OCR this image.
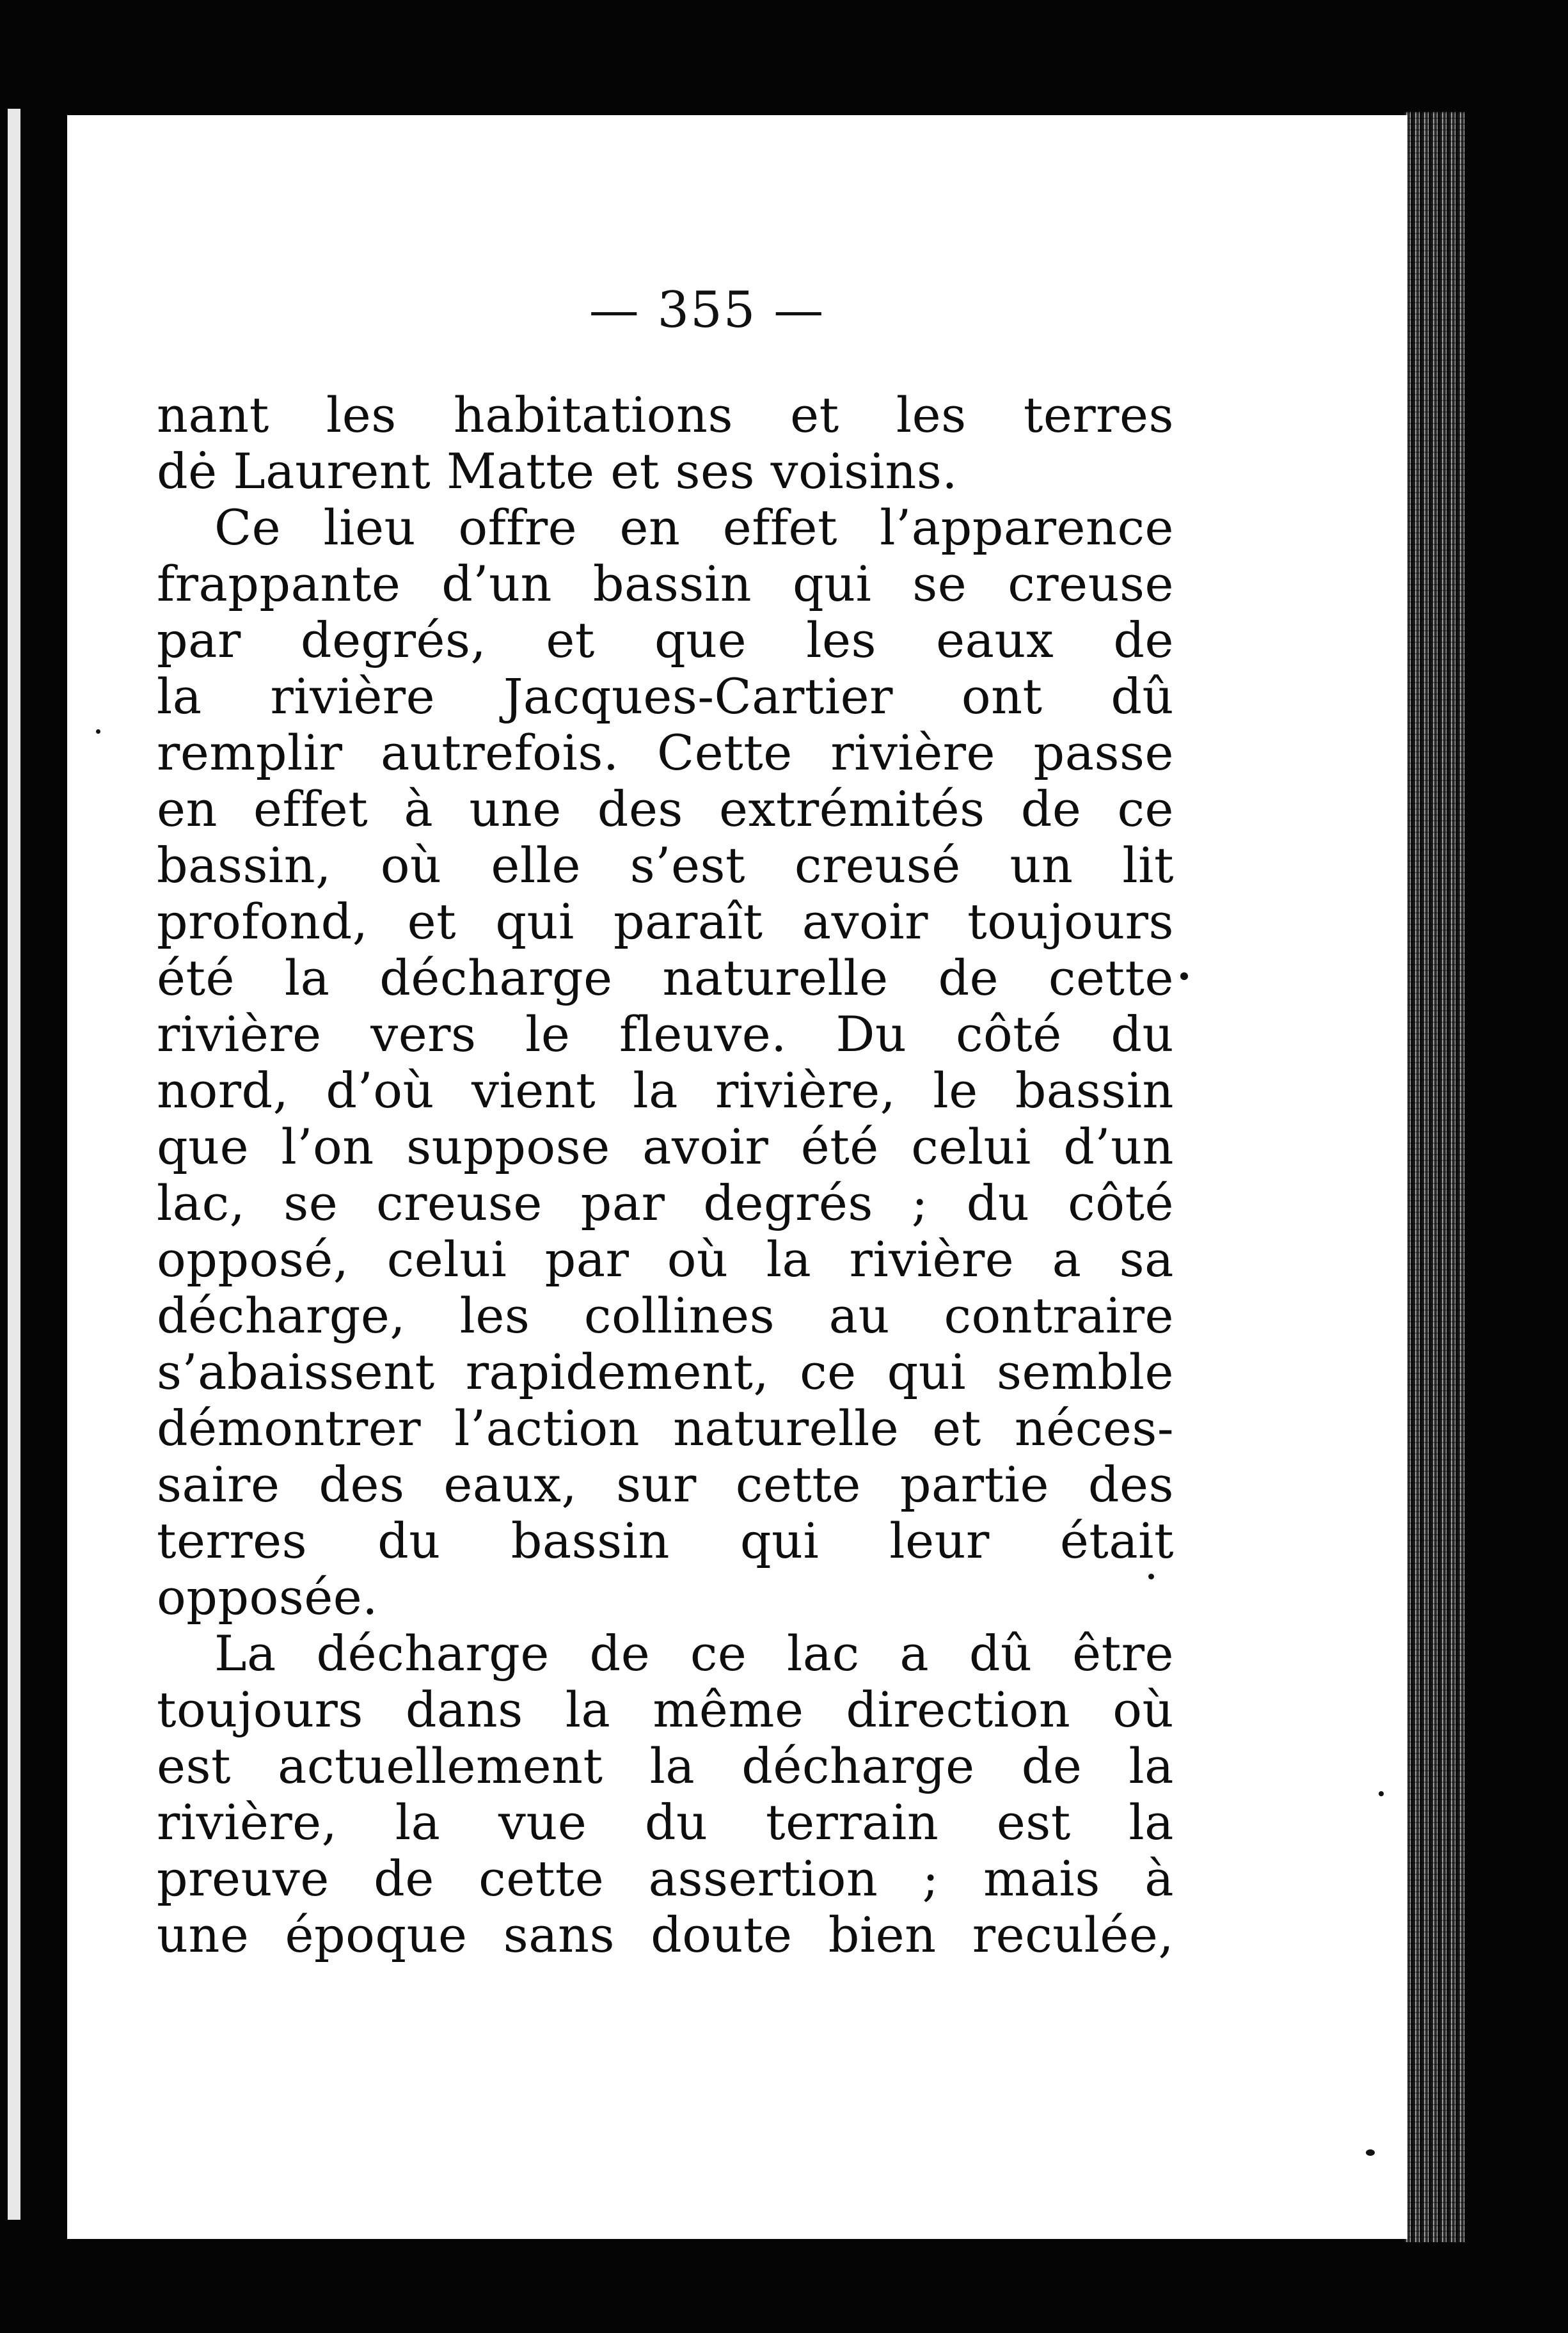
— 355 —
nant les habitations et les terres
dė Laurent Matte et ses voisins.
Ce lieu offre en effet l’apparence
frappante d’un bassin qui se creuse
par degrés, et que les eaux de
la rivière Jacques-Cartier ont dû
remplir autrefois. Cette rivière passe
en effet à une des extrémités de ce
bassin, où elle s’est creusé un lit
profond, et qui paraît avoir toujours
été la décharge naturelle de cette
rivière vers le fleuve. Du côté du
nord, d’où vient la rivière, le bassin
que l’on suppose avoir été celui d’un
lac, se creuse par degrés ; du côté
opposé, celui par où la rivière a sa
décharge, les collines au contraire
s’abaissent rapidement, ce qui semble
démontrer l’action naturelle et néces-
saire des eaux, sur cette partie des
terres du bassin qui leur était
opposée.
La décharge de ce lac a dû être
toujours dans la même direction où
est actuellement la décharge de la
rivière, la vue du terrain est la
preuve de cette assertion ; mais à
une époque sans doute bien reculée,
